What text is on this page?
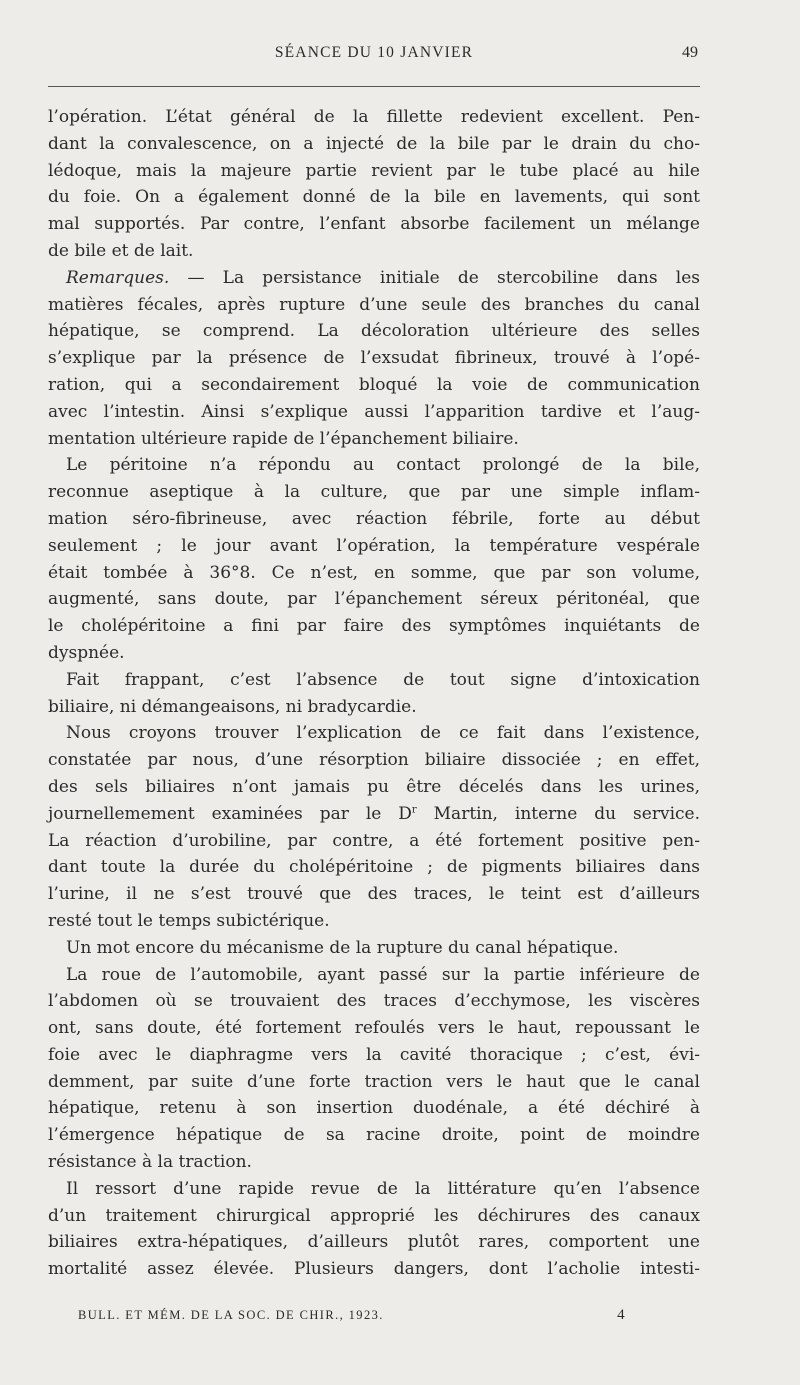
SÉANCE DU 10 JANVIER	49

l’opération. L’état général de la fillette redevient excellent. Pen-
dant la convalescence, on a injecté de la bile par le drain du cho-
lédoque, mais la majeure partie revient par le tube placé au hile
du foie. On a également donné de la bile en lavements, qui sont
mal supportés. Par contre, l’enfant absorbe facilement un mélange
de bile et de lait.

Remarques. — La persistance initiale de stercobiline dans les
matières fécales, après rupture d’une seule des branches du canal
hépatique, se comprend. La décoloration ultérieure des selles
s’explique par la présence de l’exsudat fibrineux, trouvé à l’opé-
ration, qui a secondairement bloqué la voie de communication
avec l’intestin. Ainsi s’explique aussi l’apparition tardive et l’aug-
mentation ultérieure rapide de l’épanchement biliaire.

Le péritoine n’a répondu au contact prolongé de la bile,
reconnue aseptique à la culture, que par une simple inflam-
mation séro-fibrineuse, avec réaction fébrile, forte au début
seulement ; le jour avant l’opération, la température vespérale
était tombée à 36°8. Ce n’est, en somme, que par son volume,
augmenté, sans doute, par l’épanchement séreux péritonéal, que
le cholépéritoine a fini par faire des symptômes inquiétants de
dyspnée.

Fait frappant, c’est l’absence de tout signe d’intoxication
biliaire, ni démangeaisons, ni bradycardie.

Nous croyons trouver l’explication de ce fait dans l’existence,
constatée par nous, d’une résorption biliaire dissociée ; en effet,
des sels biliaires n’ont jamais pu être décelés dans les urines,
journellemement examinées par le $D^r$ Martin, interne du service.
La réaction d’urobiline, par contre, a été fortement positive pen-
dant toute la durée du cholépéritoine ; de pigments biliaires dans
l’urine, il ne s’est trouvé que des traces, le teint est d’ailleurs
resté tout le temps subictérique.

Un mot encore du mécanisme de la rupture du canal hépatique.

La roue de l’automobile, ayant passé sur la partie inférieure de
l’abdomen où se trouvaient des traces d’ecchymose, les viscères
ont, sans doute, été fortement refoulés vers le haut, repoussant le
foie avec le diaphragme vers la cavité thoracique ; c’est, évi-
demment, par suite d’une forte traction vers le haut que le canal
hépatique, retenu à son insertion duodénale, a été déchiré à
l’émergence hépatique de sa racine droite, point de moindre
résistance à la traction.

Il ressort d’une rapide revue de la littérature qu’en l’absence
d’un traitement chirurgical approprié les déchirures des canaux
biliaires extra-hépatiques, d’ailleurs plutôt rares, comportent une
mortalité assez élevée. Plusieurs dangers, dont l’acholie intesti-

BULL. ET MÉM. DE LA SOC. DE CHIR., 1923.	4
